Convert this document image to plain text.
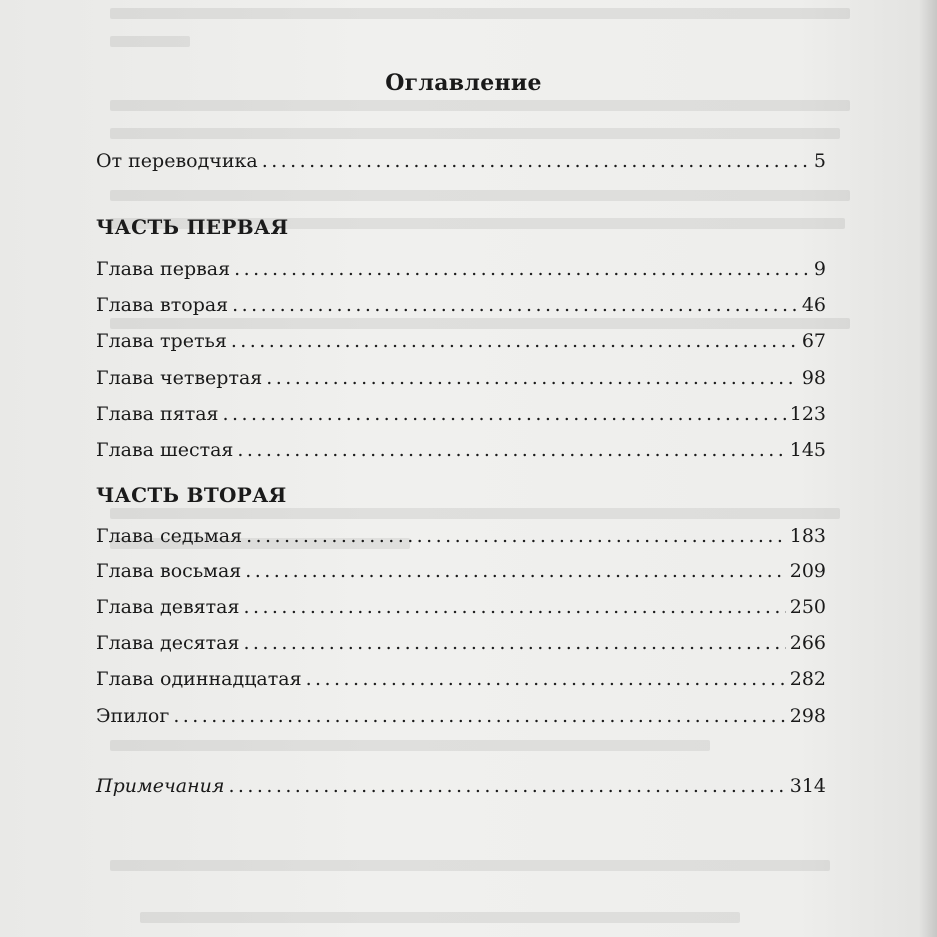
Оглавление
От переводчика . . .	5
ЧАСТЬ ПЕРВАЯ
Глава первая . . .	9
Глава вторая . . .	46
Глава третья . . .	67
Глава четвертая . . .	98
Глава пятая . . .	123
Глава шестая . . .	145
ЧАСТЬ ВТОРАЯ
Глава седьмая . . .	183
Глава восьмая . . .	209
Глава девятая . . .	250
Глава десятая . . .	266
Глава одиннадцатая . . .	282
Эпилог . . .	298
Примечания . . .	314
